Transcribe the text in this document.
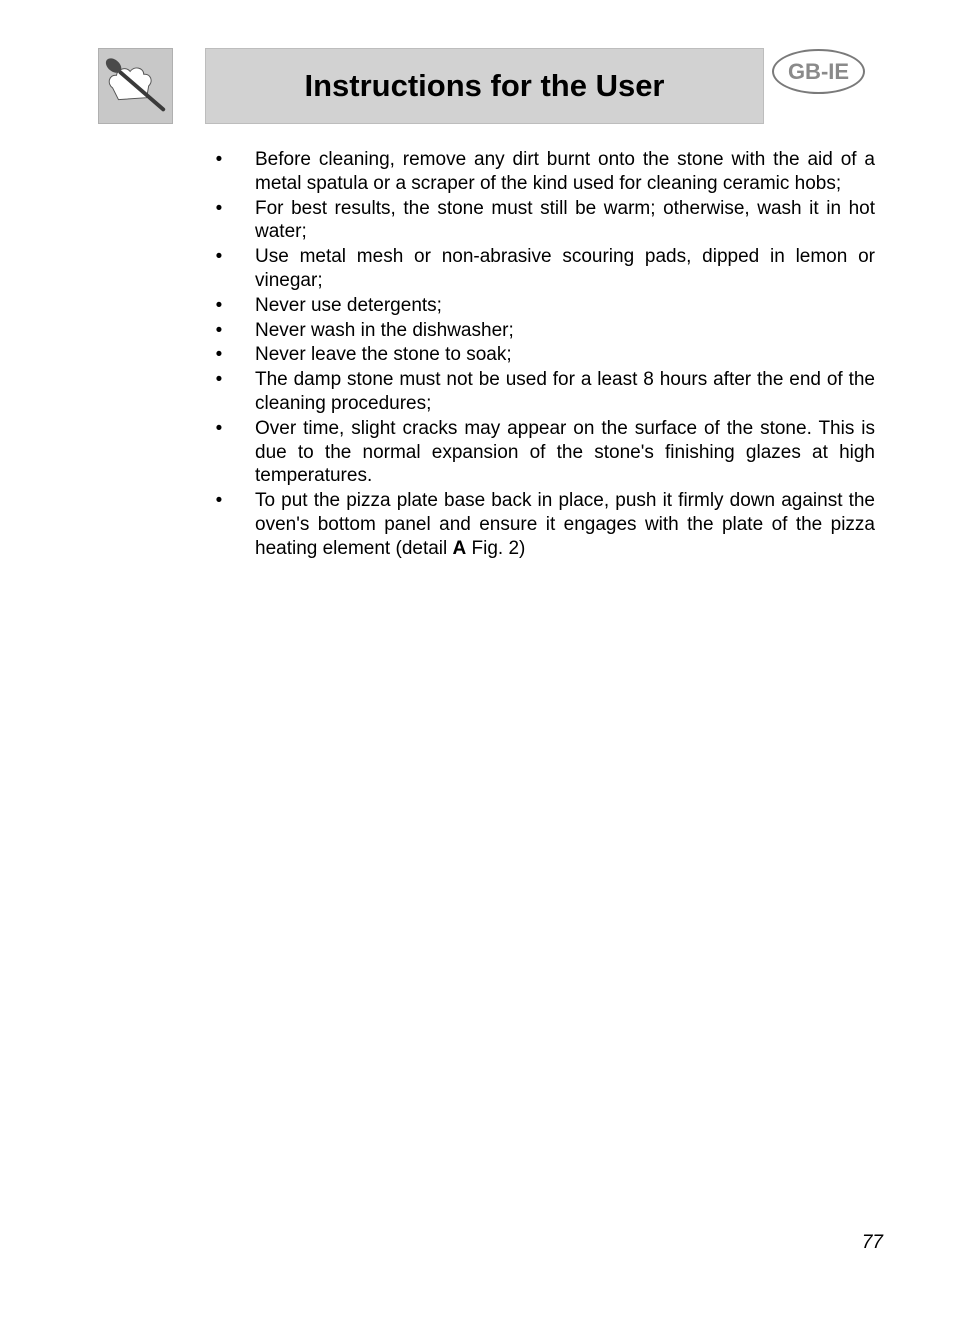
Instructions for the User	GB-IE
• Before cleaning, remove any dirt burnt onto the stone with the aid of a metal spatula or a scraper of the kind used for cleaning ceramic hobs;
• For best results, the stone must still be warm; otherwise, wash it in hot water;
• Use metal mesh or non-abrasive scouring pads, dipped in lemon or vinegar;
• Never use detergents;
• Never wash in the dishwasher;
• Never leave the stone to soak;
• The damp stone must not be used for a least 8 hours after the end of the cleaning procedures;
• Over time, slight cracks may appear on the surface of the stone. This is due to the normal expansion of the stone's finishing glazes at high temperatures.
• To put the pizza plate base back in place, push it firmly down against the oven's bottom panel and ensure it engages with the plate of the pizza heating element (detail A Fig. 2)
77
